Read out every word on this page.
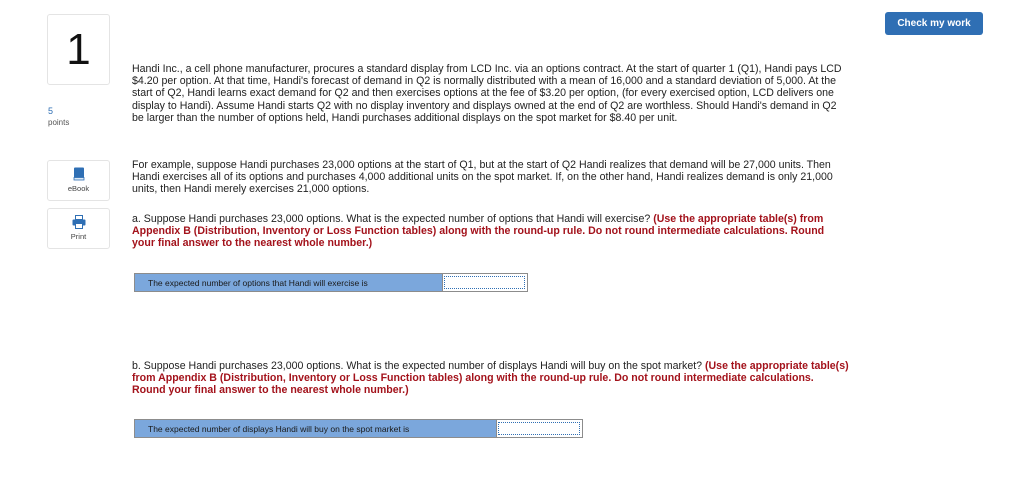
Check my work
1
5
points
eBook
Print

Handi Inc., a cell phone manufacturer, procures a standard display from LCD Inc. via an options contract. At the start of quarter 1 (Q1), Handi pays LCD $4.20 per option. At that time, Handi's forecast of demand in Q2 is normally distributed with a mean of 16,000 and a standard deviation of 5,000. At the start of Q2, Handi learns exact demand for Q2 and then exercises options at the fee of $3.20 per option, (for every exercised option, LCD delivers one display to Handi). Assume Handi starts Q2 with no display inventory and displays owned at the end of Q2 are worthless. Should Handi's demand in Q2 be larger than the number of options held, Handi purchases additional displays on the spot market for $8.40 per unit.

For example, suppose Handi purchases 23,000 options at the start of Q1, but at the start of Q2 Handi realizes that demand will be 27,000 units. Then Handi exercises all of its options and purchases 4,000 additional units on the spot market. If, on the other hand, Handi realizes demand is only 21,000 units, then Handi merely exercises 21,000 options.

a. Suppose Handi purchases 23,000 options. What is the expected number of options that Handi will exercise? (Use the appropriate table(s) from Appendix B (Distribution, Inventory or Loss Function tables) along with the round-up rule. Do not round intermediate calculations. Round your final answer to the nearest whole number.)

b. Suppose Handi purchases 23,000 options. What is the expected number of displays Handi will buy on the spot market? (Use the appropriate table(s) from Appendix B (Distribution, Inventory or Loss Function tables) along with the round-up rule. Do not round intermediate calculations. Round your final answer to the nearest whole number.)

The expected number of options that Handi will exercise is
The expected number of displays Handi will buy on the spot market is
